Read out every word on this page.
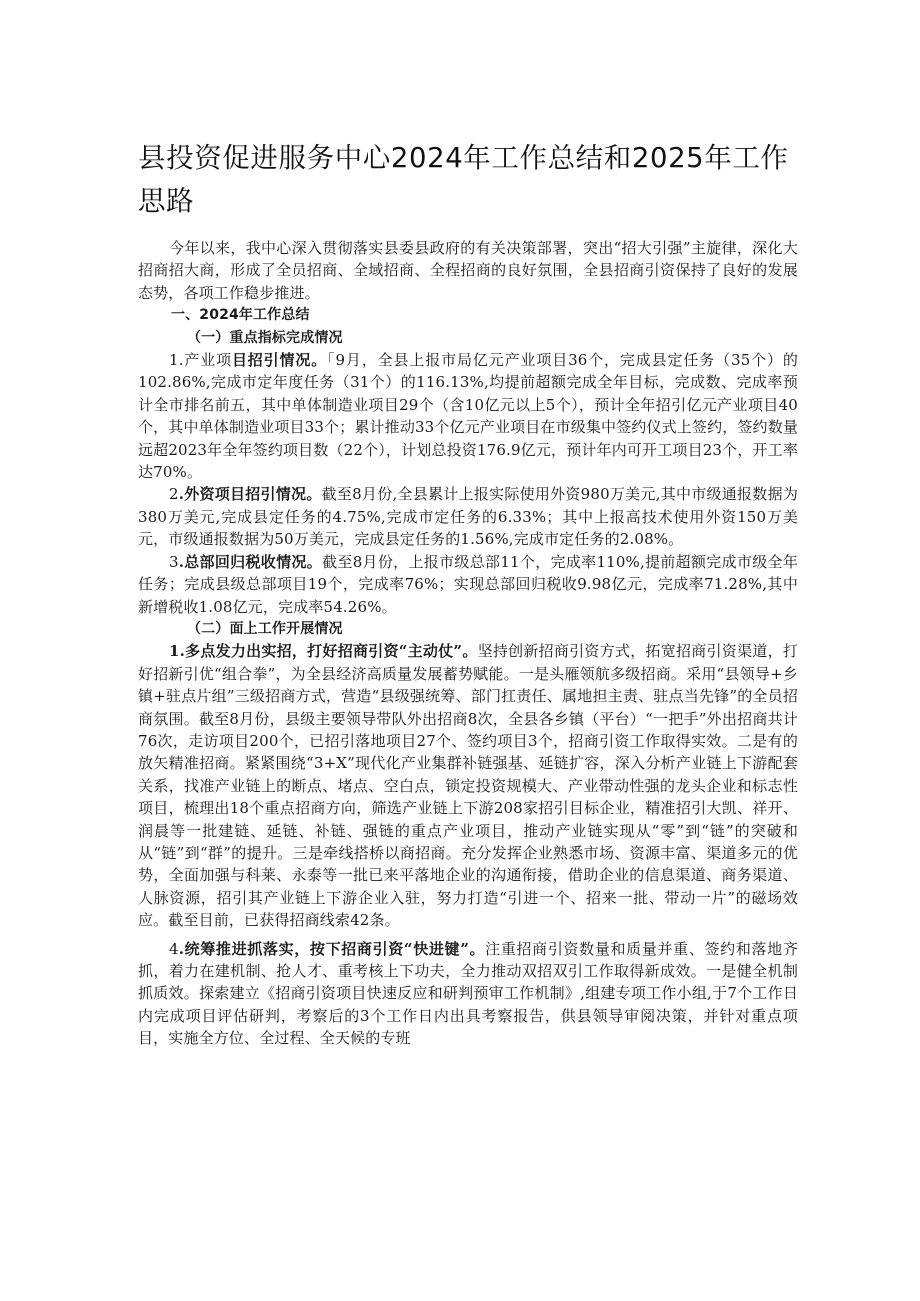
县投资促进服务中心2024年工作总结和2025年工作思路

今年以来，我中心深入贯彻落实县委县政府的有关决策部署，突出“招大引强”主旋律，深化大招商招大商，形成了全员招商、全域招商、全程招商的良好氛围，全县招商引资保持了良好的发展态势，各项工作稳步推进。

一、2024年工作总结

（一）重点指标完成情况

1.产业项目招引情况。「9月，全县上报市局亿元产业项目36个，完成县定任务（35个）的102.86%,完成市定年度任务（31个）的116.13%,均提前超额完成全年目标，完成数、完成率预计全市排名前五，其中单体制造业项目29个（含10亿元以上5个），预计全年招引亿元产业项目40个，其中单体制造业项目33个；累计推动33个亿元产业项目在市级集中签约仪式上签约，签约数量远超2023年全年签约项目数（22个），计划总投资176.9亿元，预计年内可开工项目23个，开工率达70%。

2.外资项目招引情况。截至8月份,全县累计上报实际使用外资980万美元,其中市级通报数据为380万美元,完成县定任务的4.75%,完成市定任务的6.33%；其中上报高技术使用外资150万美元，市级通报数据为50万美元，完成县定任务的1.56%,完成市定任务的2.08%。

3.总部回归税收情况。截至8月份，上报市级总部11个，完成率110%,提前超额完成市级全年任务；完成县级总部项目19个，完成率76%；实现总部回归税收9.98亿元，完成率71.28%,其中新增税收1.08亿元，完成率54.26%。

（二）面上工作开展情况

1.多点发力出实招，打好招商引资“主动仗”。坚持创新招商引资方式，拓宽招商引资渠道，打好招新引优“组合拳”，为全县经济高质量发展蓄势赋能。一是头雁领航多级招商。采用“县领导+乡镇+驻点片组”三级招商方式，营造“县级强统筹、部门扛责任、属地担主责、驻点当先锋”的全员招商氛围。截至8月份，县级主要领导带队外出招商8次，全县各乡镇（平台）“一把手”外出招商共计76次，走访项目200个，已招引落地项目27个、签约项目3个，招商引资工作取得实效。二是有的放矢精准招商。紧紧围绕“3+X”现代化产业集群补链强基、延链扩容，深入分析产业链上下游配套关系，找准产业链上的断点、堵点、空白点，锁定投资规模大、产业带动性强的龙头企业和标志性项目，梳理出18个重点招商方向，筛选产业链上下游208家招引目标企业，精准招引大凯、祥开、润晨等一批建链、延链、补链、强链的重点产业项目，推动产业链实现从“零”到“链”的突破和从“链”到“群”的提升。三是牵线搭桥以商招商。充分发挥企业熟悉市场、资源丰富、渠道多元的优势，全面加强与科莱、永泰等一批已来平落地企业的沟通衔接，借助企业的信息渠道、商务渠道、人脉资源，招引其产业链上下游企业入驻，努力打造“引进一个、招来一批、带动一片”的磁场效应。截至目前，已获得招商线索42条。

4.统筹推进抓落实，按下招商引资“快进键”。注重招商引资数量和质量并重、签约和落地齐抓，着力在建机制、抢人才、重考核上下功夫，全力推动双招双引工作取得新成效。一是健全机制抓质效。探索建立《招商引资项目快速反应和研判预审工作机制》,组建专项工作小组,于7个工作日内完成项目评估研判，考察后的3个工作日内出具考察报告，供县领导审阅决策，并针对重点项目，实施全方位、全过程、全天候的专班
